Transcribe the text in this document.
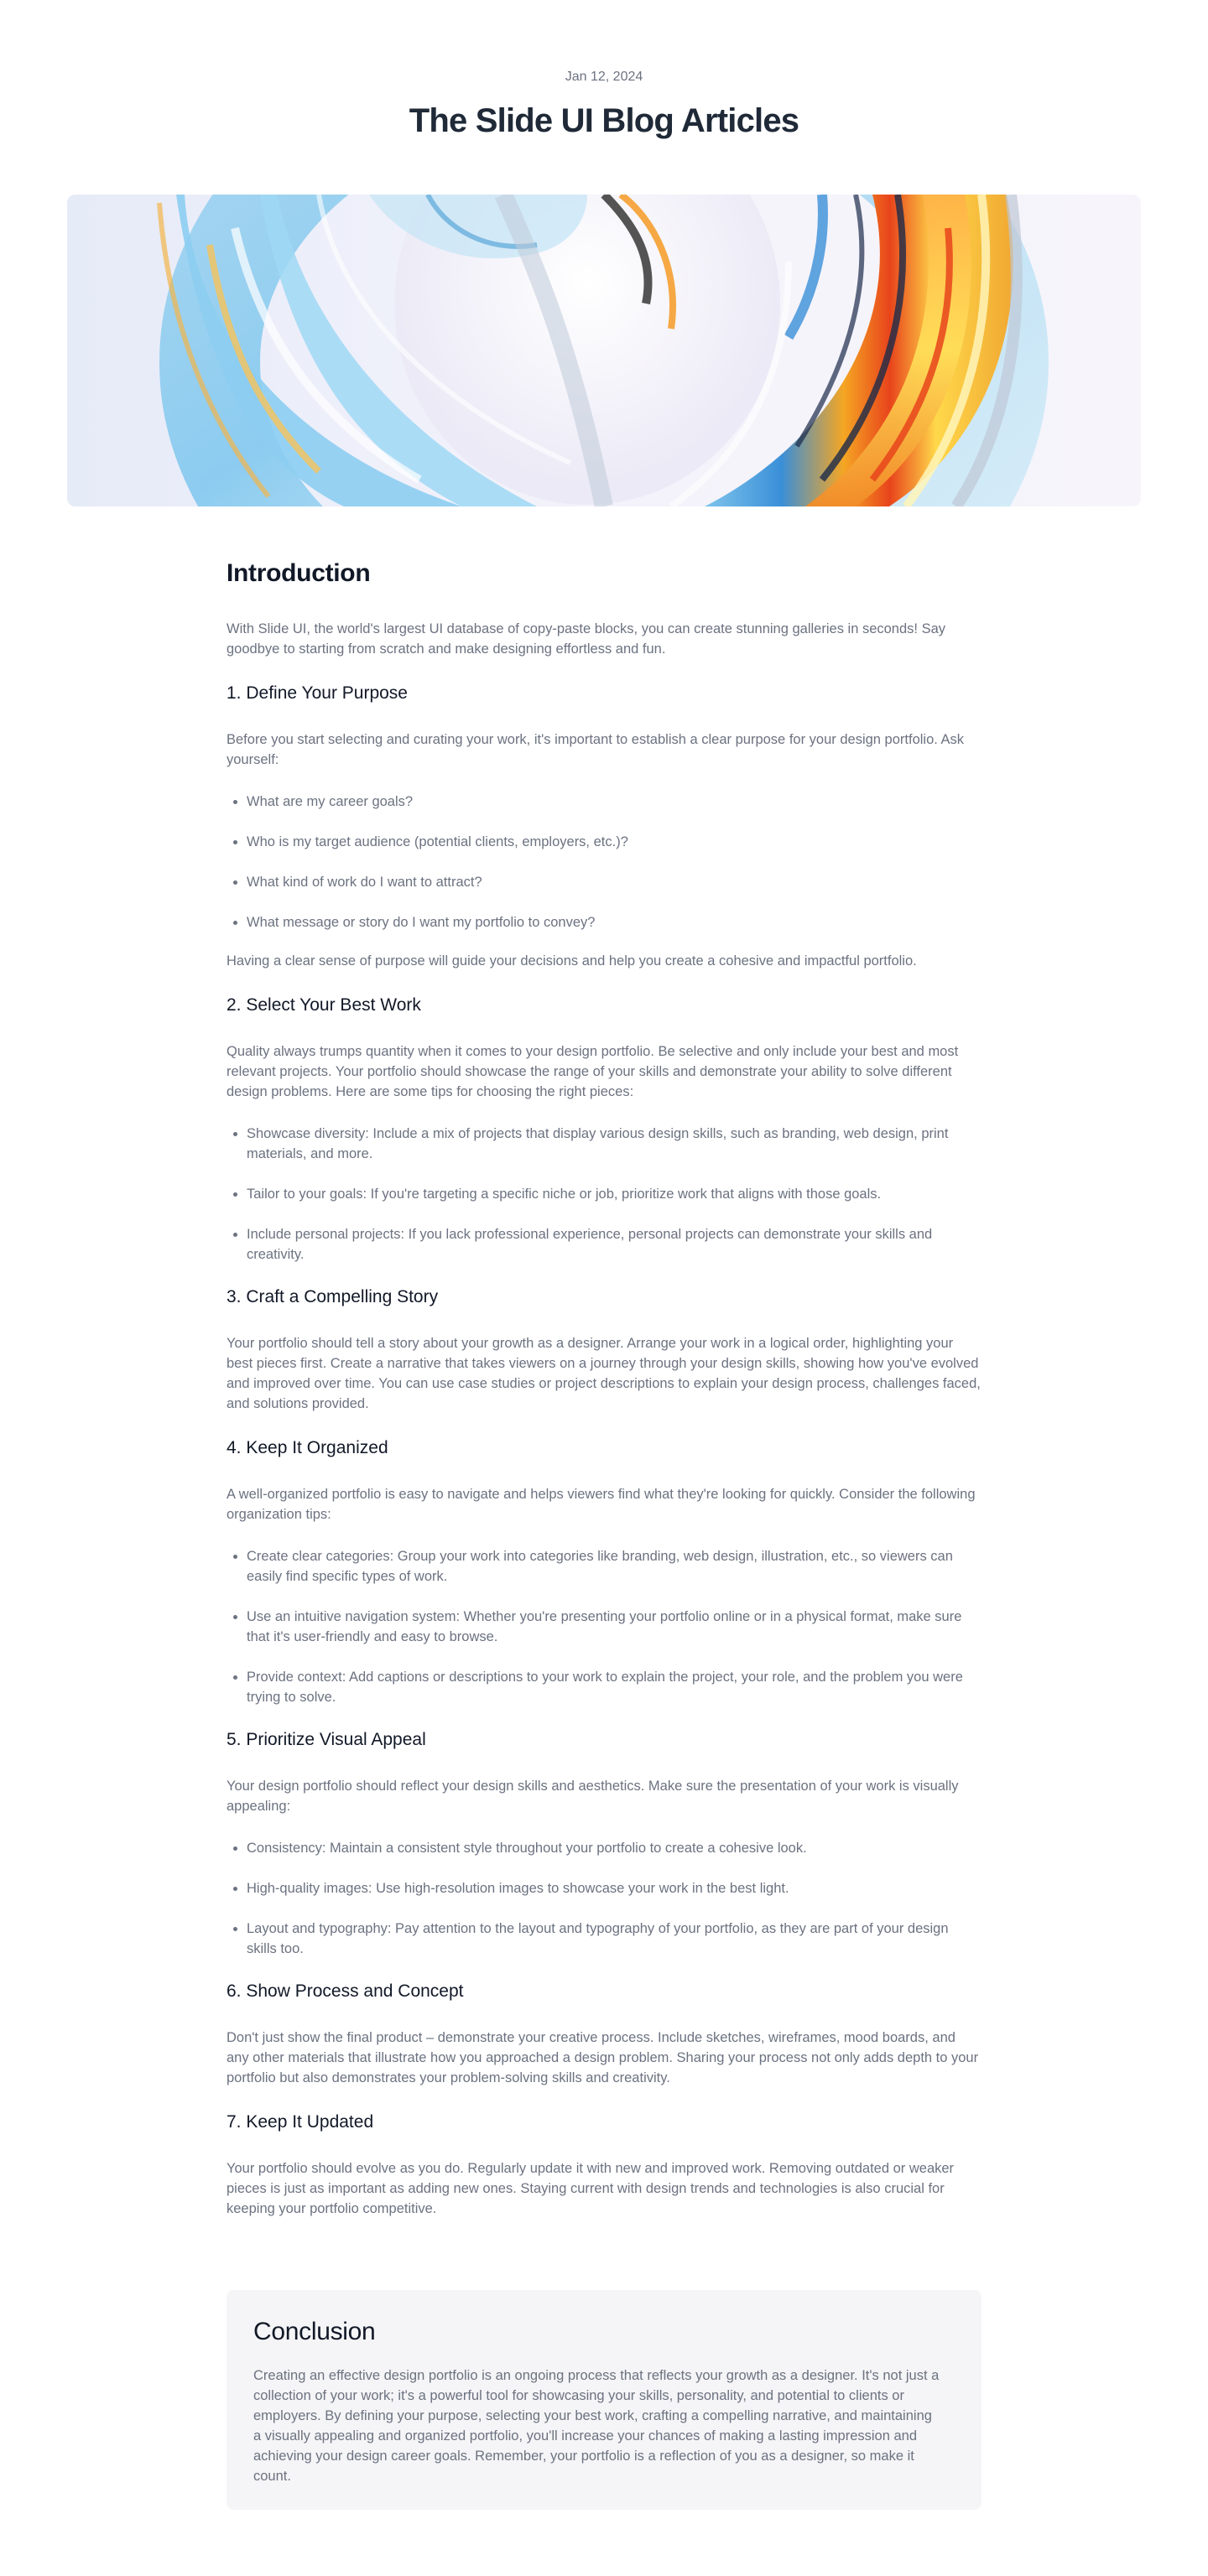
Jan 12, 2024
The Slide UI Blog Articles
Introduction

With Slide UI, the world's largest UI database of copy-paste blocks, you can create stunning galleries in seconds! Say goodbye to starting from scratch and make designing effortless and fun.

1. Define Your Purpose

Before you start selecting and curating your work, it's important to establish a clear purpose for your design portfolio. Ask yourself:

What are my career goals?
Who is my target audience (potential clients, employers, etc.)?
What kind of work do I want to attract?
What message or story do I want my portfolio to convey?

Having a clear sense of purpose will guide your decisions and help you create a cohesive and impactful portfolio.

2. Select Your Best Work

Quality always trumps quantity when it comes to your design portfolio. Be selective and only include your best and most relevant projects. Your portfolio should showcase the range of your skills and demonstrate your ability to solve different design problems. Here are some tips for choosing the right pieces:

Showcase diversity: Include a mix of projects that display various design skills, such as branding, web design, print materials, and more.
Tailor to your goals: If you're targeting a specific niche or job, prioritize work that aligns with those goals.
Include personal projects: If you lack professional experience, personal projects can demonstrate your skills and creativity.
3. Craft a Compelling Story

Your portfolio should tell a story about your growth as a designer. Arrange your work in a logical order, highlighting your best pieces first. Create a narrative that takes viewers on a journey through your design skills, showing how you've evolved and improved over time. You can use case studies or project descriptions to explain your design process, challenges faced, and solutions provided.

4. Keep It Organized

A well-organized portfolio is easy to navigate and helps viewers find what they're looking for quickly. Consider the following organization tips:

Create clear categories: Group your work into categories like branding, web design, illustration, etc., so viewers can easily find specific types of work.
Use an intuitive navigation system: Whether you're presenting your portfolio online or in a physical format, make sure that it's user-friendly and easy to browse.
Provide context: Add captions or descriptions to your work to explain the project, your role, and the problem you were trying to solve.
5. Prioritize Visual Appeal

Your design portfolio should reflect your design skills and aesthetics. Make sure the presentation of your work is visually appealing:

Consistency: Maintain a consistent style throughout your portfolio to create a cohesive look.
High-quality images: Use high-resolution images to showcase your work in the best light.
Layout and typography: Pay attention to the layout and typography of your portfolio, as they are part of your design skills too.
6. Show Process and Concept

Don't just show the final product – demonstrate your creative process. Include sketches, wireframes, mood boards, and any other materials that illustrate how you approached a design problem. Sharing your process not only adds depth to your portfolio but also demonstrates your problem-solving skills and creativity.

7. Keep It Updated

Your portfolio should evolve as you do. Regularly update it with new and improved work. Removing outdated or weaker pieces is just as important as adding new ones. Staying current with design trends and technologies is also crucial for keeping your portfolio competitive.

Conclusion

Creating an effective design portfolio is an ongoing process that reflects your growth as a designer. It's not just a collection of your work; it's a powerful tool for showcasing your skills, personality, and potential to clients or employers. By defining your purpose, selecting your best work, crafting a compelling narrative, and maintaining a visually appealing and organized portfolio, you'll increase your chances of making a lasting impression and achieving your design career goals. Remember, your portfolio is a reflection of you as a designer, so make it count.
